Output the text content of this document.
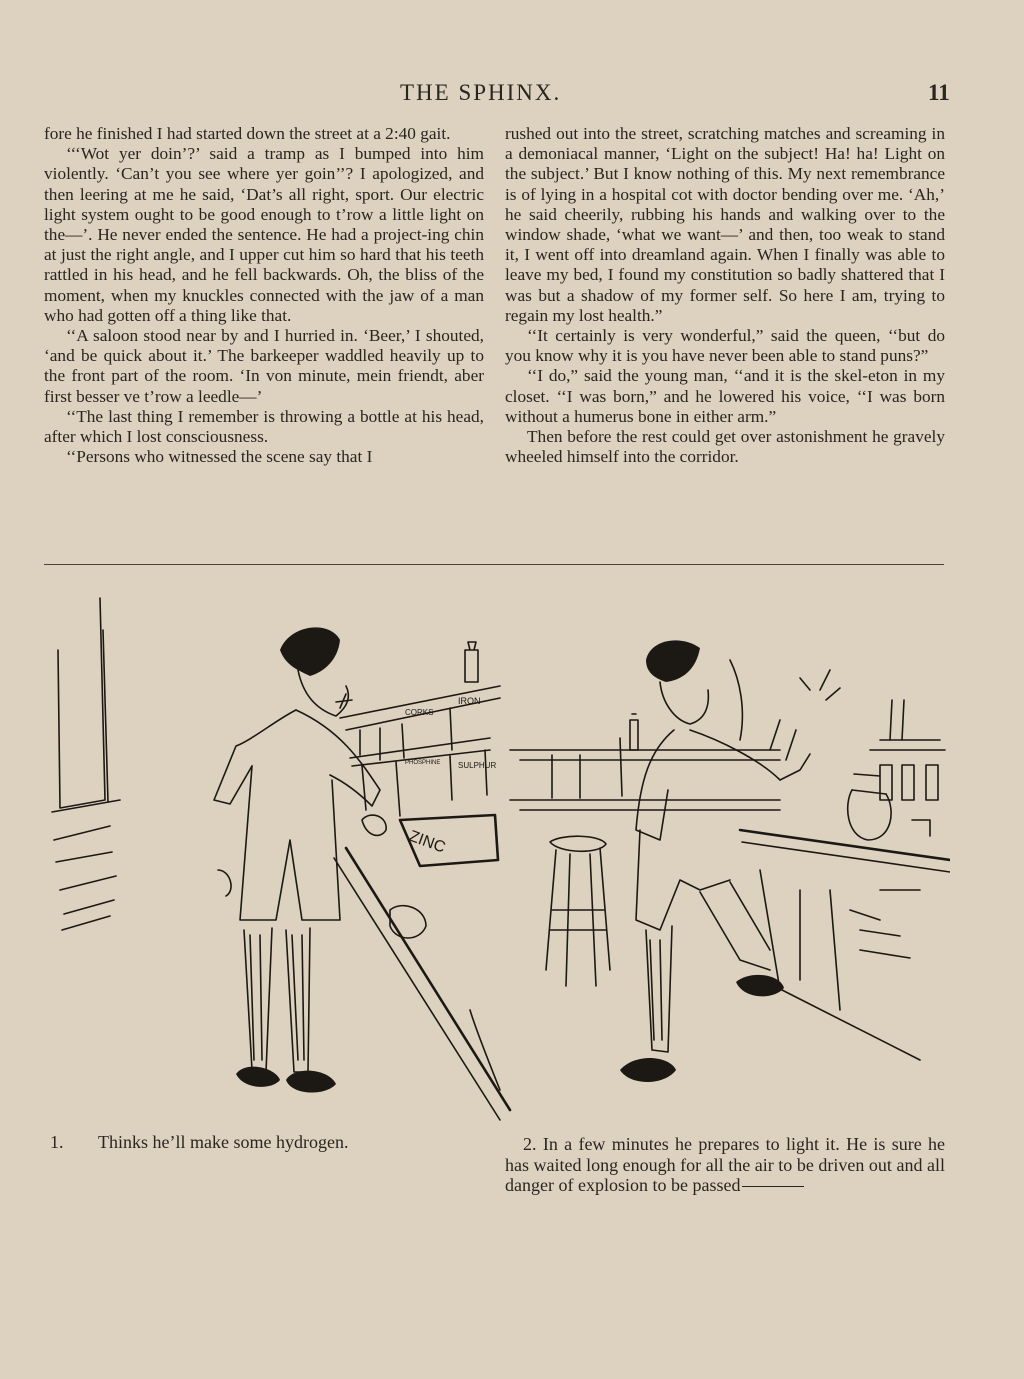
THE SPHINX.	11

fore he finished I had started down the street at a 2:40 gait.

‘‘‘Wot yer doin’?’ said a tramp as I bumped into him violently. ‘Can’t you see where yer goin’’? I apologized, and then leering at me he said, ‘Dat’s all right, sport. Our electric light system ought to be good enough to t’row a little light on the—’. He never ended the sentence. He had a project-ing chin at just the right angle, and I upper cut him so hard that his teeth rattled in his head, and he fell backwards. Oh, the bliss of the moment, when my knuckles connected with the jaw of a man who had gotten off a thing like that.

‘‘A saloon stood near by and I hurried in. ‘Beer,’ I shouted, ‘and be quick about it.’ The barkeeper waddled heavily up to the front part of the room. ‘In von minute, mein friendt, aber first besser ve t’row a leedle—’

‘‘The last thing I remember is throwing a bottle at his head, after which I lost consciousness.

‘‘Persons who witnessed the scene say that I

rushed out into the street, scratching matches and screaming in a demoniacal manner, ‘Light on the subject! Ha! ha! Light on the subject.’ But I know nothing of this. My next remembrance is of lying in a hospital cot with doctor bending over me. ‘Ah,’ he said cheerily, rubbing his hands and walking over to the window shade, ‘what we want—’ and then, too weak to stand it, I went off into dreamland again. When I finally was able to leave my bed, I found my constitution so badly shattered that I was but a shadow of my former self. So here I am, trying to regain my lost health.”

‘‘It certainly is very wonderful,” said the queen, ‘‘but do you know why it is you have never been able to stand puns?”

‘‘I do,” said the young man, ‘‘and it is the skel-eton in my closet. ‘‘I was born,” and he lowered his voice, ‘‘I was born without a humerus bone in either arm.”

Then before the rest could get over astonishment he gravely wheeled himself into the corridor.

CORKS
IRON
PHOSPHINE SULPHUR
ZINC
1. Thinks he’ll make some hydrogen.	2. In a few minutes he prepares to light it. He is sure he has waited long enough for all the air to be driven out and all danger of explosion to be passed
